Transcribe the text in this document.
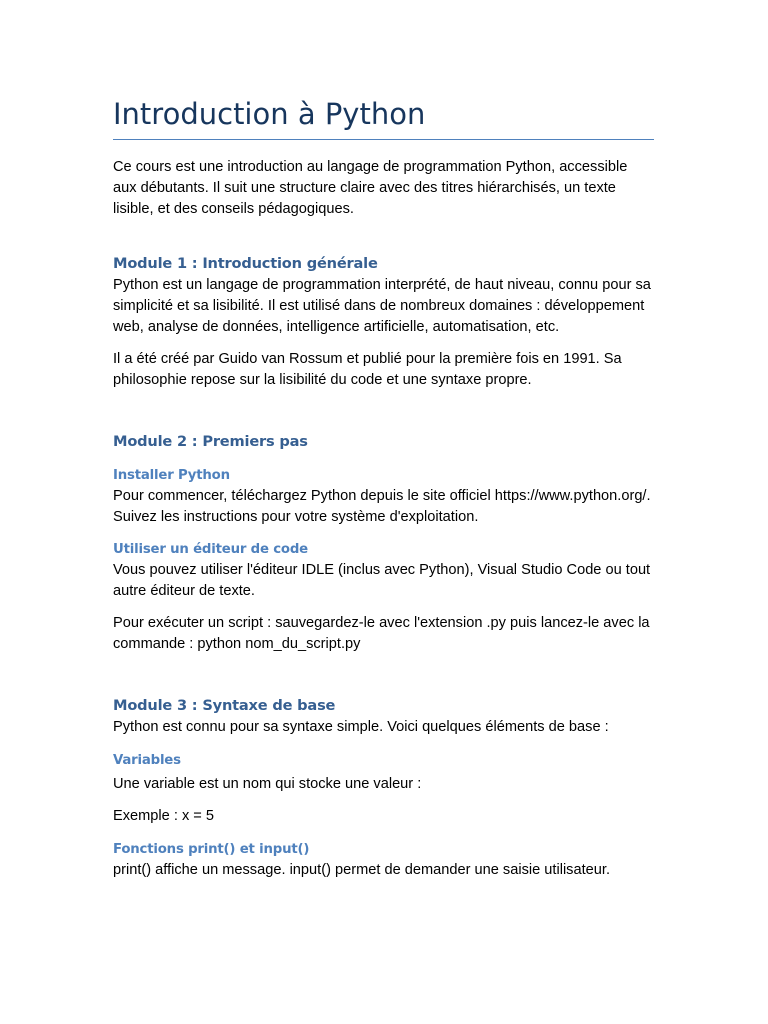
Introduction à Python

Ce cours est une introduction au langage de programmation Python, accessible aux débutants. Il suit une structure claire avec des titres hiérarchisés, un texte lisible, et des conseils pédagogiques.

Module 1 : Introduction générale

Python est un langage de programmation interprété, de haut niveau, connu pour sa simplicité et sa lisibilité. Il est utilisé dans de nombreux domaines : développement web, analyse de données, intelligence artificielle, automatisation, etc.

Il a été créé par Guido van Rossum et publié pour la première fois en 1991. Sa philosophie repose sur la lisibilité du code et une syntaxe propre.

Module 2 : Premiers pas
Installer Python

Pour commencer, téléchargez Python depuis le site officiel https://www.python.org/. Suivez les instructions pour votre système d'exploitation.

Utiliser un éditeur de code

Vous pouvez utiliser l'éditeur IDLE (inclus avec Python), Visual Studio Code ou tout autre éditeur de texte.

Pour exécuter un script : sauvegardez-le avec l'extension .py puis lancez-le avec la commande : python nom_du_script.py

Module 3 : Syntaxe de base

Python est connu pour sa syntaxe simple. Voici quelques éléments de base :

Variables

Une variable est un nom qui stocke une valeur :

Exemple : x = 5

Fonctions print() et input()

print() affiche un message. input() permet de demander une saisie utilisateur.
